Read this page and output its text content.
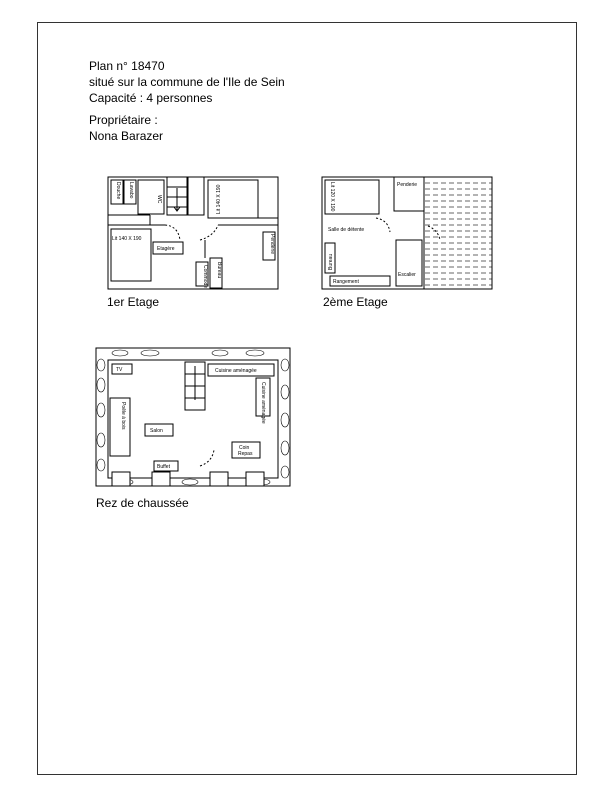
Plan n° 18470
situé sur la commune de l'Ile de Sein
Capacité : 4 personnes
Propriétaire :
Nona Barazer
Douche Lavabo
WC	Lit 140 X 190
Lit 140 X 190
Etagère
Commode Bureau
Penderie
1er Etage
Lit 120 X 190	Penderie
Salle de détente
Bureau
Rangement
Escalier
2ème Etage
TV	Cuisine aménagée
Cuisine aménagée
Poêle à bois
Salon
Coin
Repas
Buffet
Rez de chaussée
